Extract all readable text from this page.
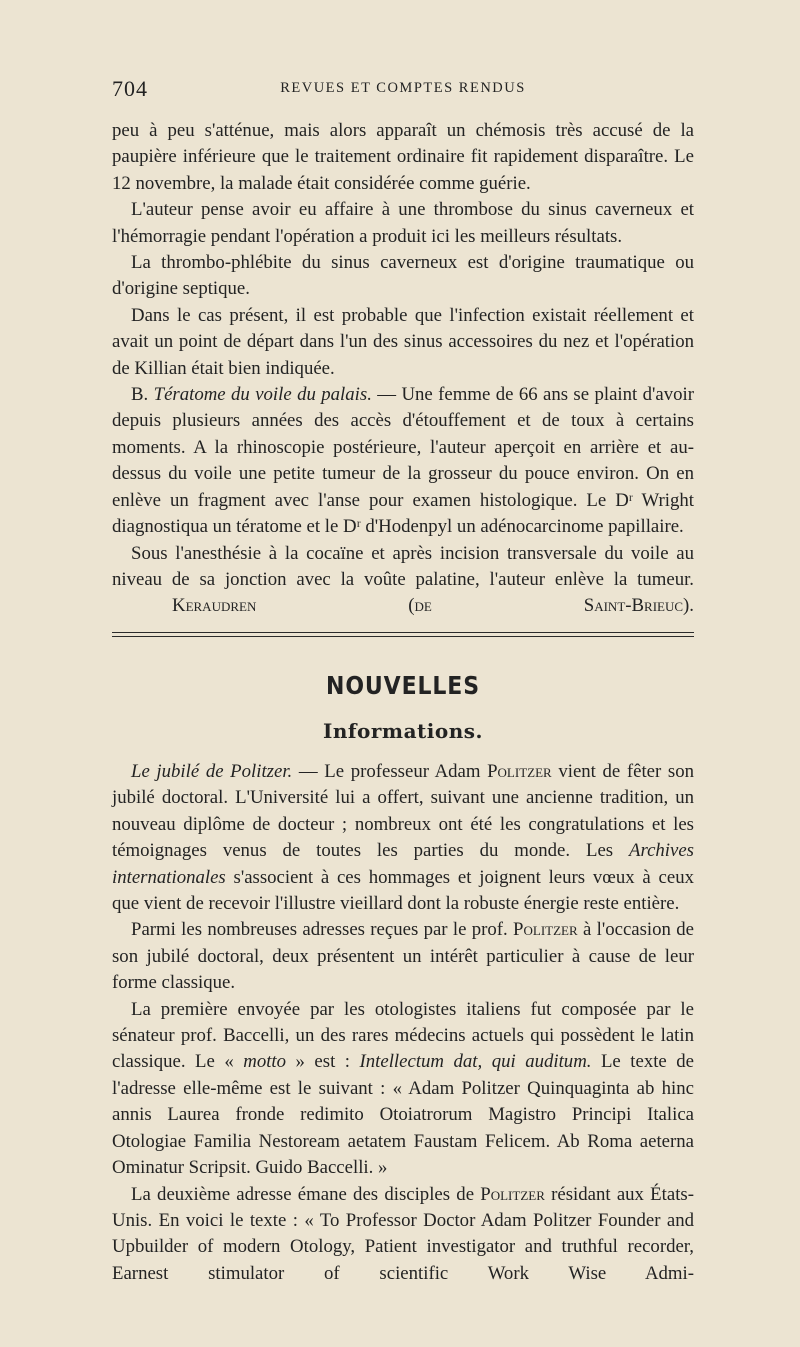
704	REVUES ET COMPTES RENDUS

peu à peu s'atténue, mais alors apparaît un chémosis très accusé de la paupière inférieure que le traitement ordinaire fit rapidement disparaître. Le 12 novembre, la malade était considérée comme guérie.

L'auteur pense avoir eu affaire à une thrombose du sinus caverneux et l'hémorragie pendant l'opération a produit ici les meilleurs résultats.

La thrombo-phlébite du sinus caverneux est d'origine traumatique ou d'origine septique.

Dans le cas présent, il est probable que l'infection existait réellement et avait un point de départ dans l'un des sinus accessoires du nez et l'opération de Killian était bien indiquée.

B. Tératome du voile du palais. — Une femme de 66 ans se plaint d'avoir depuis plusieurs années des accès d'étouffement et de toux à certains moments. A la rhinoscopie postérieure, l'auteur aperçoit en arrière et au-dessus du voile une petite tumeur de la grosseur du pouce environ. On en enlève un fragment avec l'anse pour examen histologique. Le Dʳ Wright diagnostiqua un tératome et le Dʳ d'Hodenpyl un adénocarcinome papillaire.

Sous l'anesthésie à la cocaïne et après incision transversale du voile au niveau de sa jonction avec la voûte palatine, l'auteur enlève la tumeur. Keraudren (de Saint-Brieuc).

NOUVELLES
Informations.

Le jubilé de Politzer. — Le professeur Adam Politzer vient de fêter son jubilé doctoral. L'Université lui a offert, suivant une ancienne tradition, un nouveau diplôme de docteur ; nombreux ont été les congratulations et les témoignages venus de toutes les parties du monde. Les Archives internationales s'associent à ces hommages et joignent leurs vœux à ceux que vient de recevoir l'illustre vieillard dont la robuste énergie reste entière.

Parmi les nombreuses adresses reçues par le prof. Politzer à l'occasion de son jubilé doctoral, deux présentent un intérêt particulier à cause de leur forme classique.

La première envoyée par les otologistes italiens fut composée par le sénateur prof. Baccelli, un des rares médecins actuels qui possèdent le latin classique. Le « motto » est : Intellectum dat, qui auditum. Le texte de l'adresse elle-même est le suivant : « Adam Politzer Quinquaginta ab hinc annis Laurea fronde redimito Otoiatrorum Magistro Principi Italica Otologiae Familia Nestoream aetatem Faustam Felicem. Ab Roma aeterna Ominatur Scripsit. Guido Baccelli. »

La deuxième adresse émane des disciples de Politzer résidant aux États-Unis. En voici le texte : « To Professor Doctor Adam Politzer Founder and Upbuilder of modern Otology, Patient investigator and truthful recorder, Earnest stimulator of scientific Work Wise Admi-
